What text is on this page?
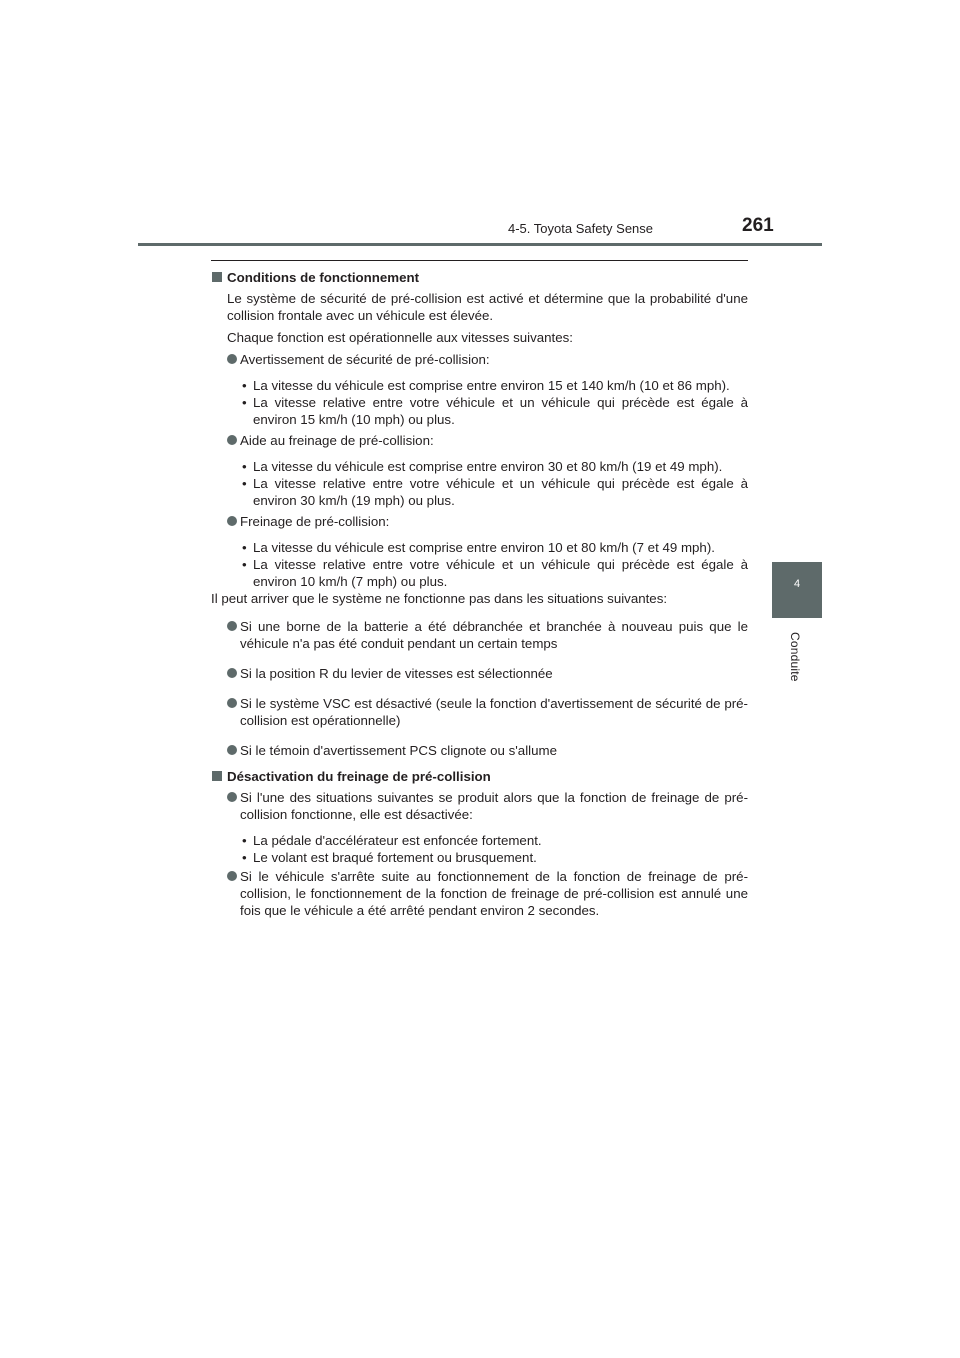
4-5. Toyota Safety Sense	261
4
Conduite
Conditions de fonctionnement

Le système de sécurité de pré-collision est activé et détermine que la probabilité d'une collision frontale avec un véhicule est élevée.

Chaque fonction est opérationnelle aux vitesses suivantes:

Avertissement de sécurité de pré-collision:
• La vitesse du véhicule est comprise entre environ 15 et 140 km/h (10 et 86 mph).
• La vitesse relative entre votre véhicule et un véhicule qui précède est égale à environ 15 km/h (10 mph) ou plus.
Aide au freinage de pré-collision:
• La vitesse du véhicule est comprise entre environ 30 et 80 km/h (19 et 49 mph).
• La vitesse relative entre votre véhicule et un véhicule qui précède est égale à environ 30 km/h (19 mph) ou plus.
Freinage de pré-collision:
• La vitesse du véhicule est comprise entre environ 10 et 80 km/h (7 et 49 mph).
• La vitesse relative entre votre véhicule et un véhicule qui précède est égale à environ 10 km/h (7 mph) ou plus.

Il peut arriver que le système ne fonctionne pas dans les situations suivantes:

Si une borne de la batterie a été débranchée et branchée à nouveau puis que le véhicule n'a pas été conduit pendant un certain temps
Si la position R du levier de vitesses est sélectionnée
Si le système VSC est désactivé (seule la fonction d'avertissement de sécurité de pré-collision est opérationnelle)
Si le témoin d'avertissement PCS clignote ou s'allume
Désactivation du freinage de pré-collision
Si l'une des situations suivantes se produit alors que la fonction de freinage de pré-collision fonctionne, elle est désactivée:
• La pédale d'accélérateur est enfoncée fortement.
• Le volant est braqué fortement ou brusquement.
Si le véhicule s'arrête suite au fonctionnement de la fonction de freinage de pré-collision, le fonctionnement de la fonction de freinage de pré-collision est annulé une fois que le véhicule a été arrêté pendant environ 2 secondes.
